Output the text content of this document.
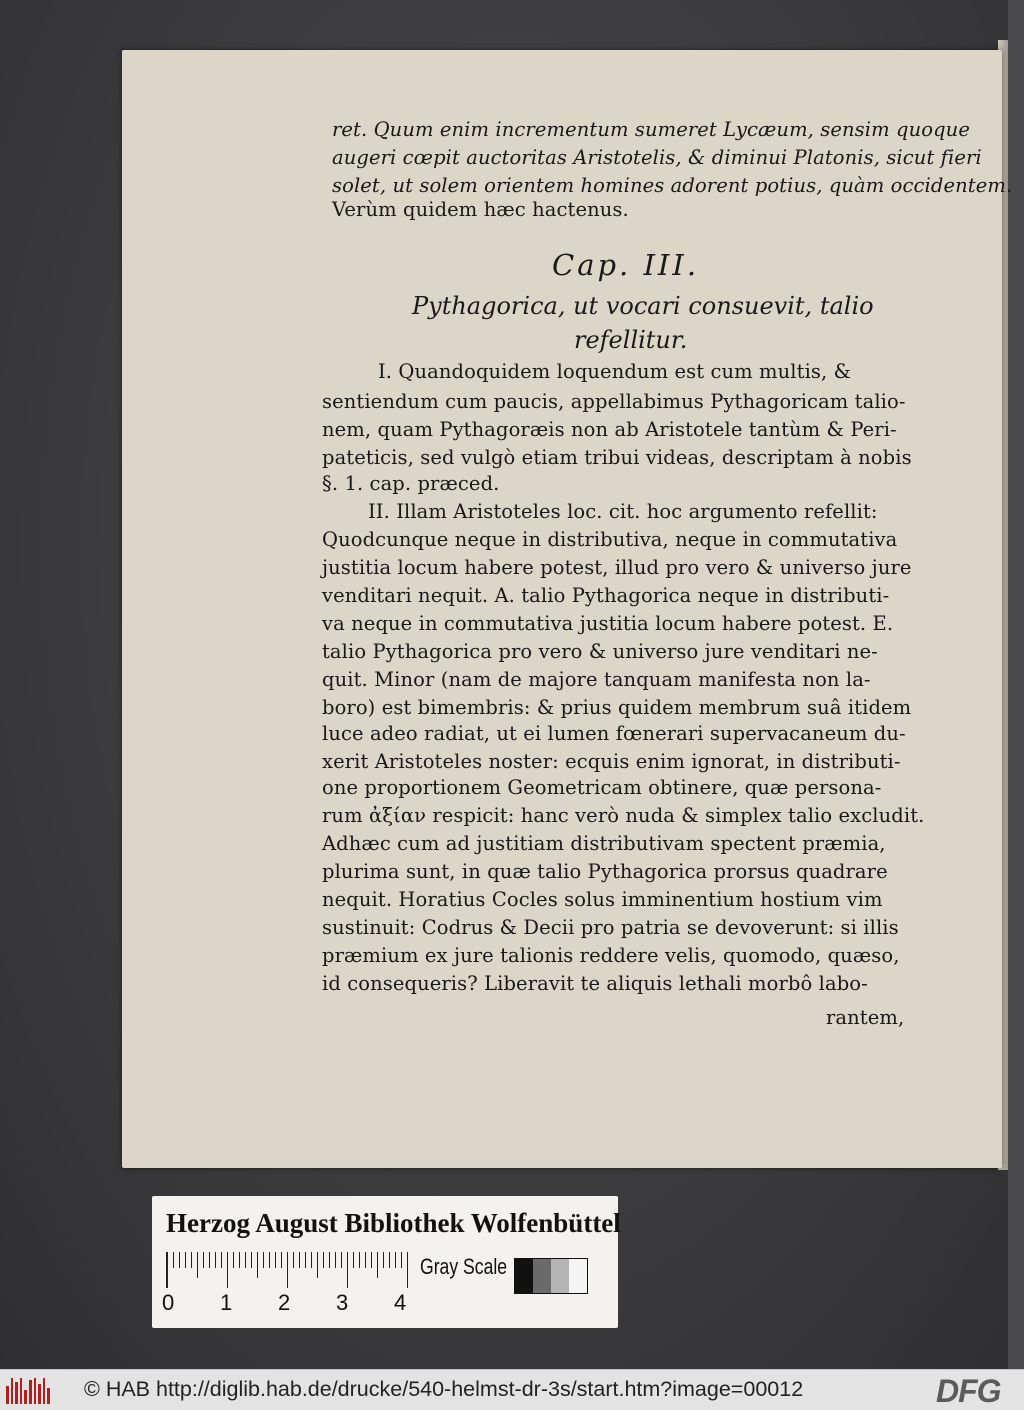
ret. Quum enim incrementum sumeret Lycæum, sensim quoque
augeri cœpit auctoritas Aristotelis, & diminui Platonis, sicut fieri
solet, ut solem orientem homines adorent potius, quàm occidentem.
Verùm quidem hæc hactenus.
Cap. III.
Pythagorica, ut vocari consuevit, talio
refellitur.
I. Quandoquidem loquendum est cum multis, &
sentiendum cum paucis, appellabimus Pythagoricam talio-
nem, quam Pythagoræis non ab Aristotele tantùm & Peri-
pateticis, sed vulgò etiam tribui videas, descriptam à nobis
§. 1. cap. præced.
II. Illam Aristoteles loc. cit. hoc argumento refellit:
Quodcunque neque in distributiva, neque in commutativa
justitia locum habere potest, illud pro vero & universo jure
venditari nequit. A. talio Pythagorica neque in distributi-
va neque in commutativa justitia locum habere potest. E.
talio Pythagorica pro vero & universo jure venditari ne-
quit. Minor (nam de majore tanquam manifesta non la-
boro) est bimembris: & prius quidem membrum suâ itidem
luce adeo radiat, ut ei lumen fœnerari supervacaneum du-
xerit Aristoteles noster: ecquis enim ignorat, in distributi-
one proportionem Geometricam obtinere, quæ persona-
rum ἀξίαν respicit: hanc verò nuda & simplex talio excludit.
Adhæc cum ad justitiam distributivam spectent præmia,
plurima sunt, in quæ talio Pythagorica prorsus quadrare
nequit. Horatius Cocles solus imminentium hostium vim
sustinuit: Codrus & Decii pro patria se devoverunt: si illis
præmium ex jure talionis reddere velis, quomodo, quæso,
id consequeris? Liberavit te aliquis lethali morbô labo-
rantem,
Herzog August Bibliothek Wolfenbüttel
0 1 2 3 4
Gray Scale
© HAB http://diglib.hab.de/drucke/540-helmst-dr-3s/start.htm?image=00012	DFG
